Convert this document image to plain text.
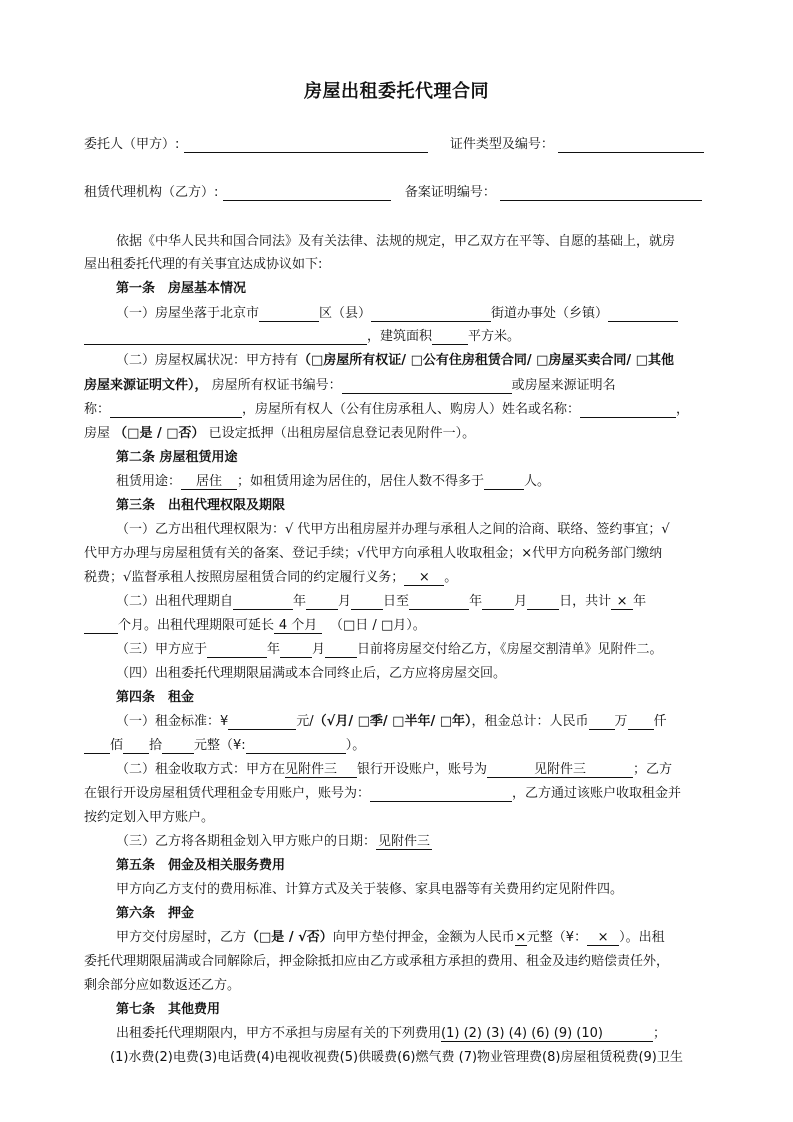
房屋出租委托代理合同
委托人（甲方）:	证件类型及编号：
租赁代理机构（乙方）:	备案证明编号：
依据《中华人民共和国合同法》及有关法律、法规的规定，甲乙双方在平等、自愿的基础上，就房
屋出租委托代理的有关事宜达成协议如下:
第一条　房屋基本情况
（一）房屋坐落于北京市	区（县）	街道办事处（乡镇）
，建筑面积	平方米。
（二）房屋权属状况：甲方持有（□房屋所有权证/ □公有住房租赁合同/ □房屋买卖合同/ □其他
房屋来源证明文件）， 房屋所有权证书编号：	或房屋来源证明名
称：	，房屋所有权人（公有住房承租人、购房人）姓名或名称：	，
房屋 （□是 / □否） 已设定抵押（出租房屋信息登记表见附件一）。
第二条 房屋租赁用途
租赁用途： 居住 ；如租赁用途为居住的，居住人数不得多于	人。
第三条　出租代理权限及期限
（一）乙方出租代理权限为：√ 代甲方出租房屋并办理与承租人之间的洽商、联络、签约事宜；√
代甲方办理与房屋租赁有关的备案、登记手续；√代甲方向承租人收取租金；×代甲方向税务部门缴纳
税费；√监督承租人按照房屋租赁合同的约定履行义务； × 。
（二）出租代理期自	年 月 日至	年 月 日，共计 × 年
个月。出租代理期限可延长 4 个月 （□日 / □月）。
（三）甲方应于	年 月 日前将房屋交付给乙方，《房屋交割清单》见附件二。
（四）出租委托代理期限届满或本合同终止后，乙方应将房屋交回。
第四条　租金
（一）租金标准：¥	元/（√月/ □季/ □半年/ □年），租金总计：人民币 万 仟
佰 拾 元整（¥:	）。
（二）租金收取方式：甲方在见附件三 银行开设账户，账号为	见附件三	；乙方
在银行开设房屋租赁代理租金专用账户，账号为：	，乙方通过该账户收取租金并
按约定划入甲方账户。
（三）乙方将各期租金划入甲方账户的日期： 见附件三
第五条　佣金及相关服务费用
甲方向乙方支付的费用标准、计算方式及关于装修、家具电器等有关费用约定见附件四。
第六条　押金
甲方交付房屋时，乙方（□是 / √否）向甲方垫付押金，金额为人民币×元整（¥： × ）。出租
委托代理期限届满或合同解除后，押金除抵扣应由乙方或承租方承担的费用、租金及违约赔偿责任外，
剩余部分应如数返还乙方。
第七条　其他费用
出租委托代理期限内，甲方不承担与房屋有关的下列费用(1) (2) (3) (4) (6) (9) (10)	；
(1)水费(2)电费(3)电话费(4)电视收视费(5)供暖费(6)燃气费 (7)物业管理费(8)房屋租赁税费(9)卫生
